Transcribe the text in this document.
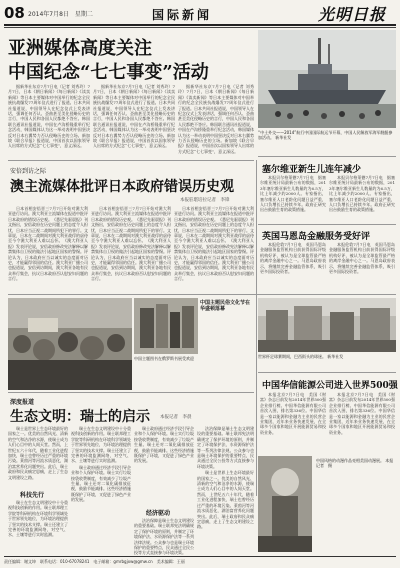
08 2014年7月8日　星期二	国际新闻	光明日报
亚洲媒体高度关注
中国纪念“七七事变”活动

据新华社东京7月7日电（记者 刘秀玲）7月7日，日本《朝日新闻》《每日新闻》《读卖新闻》等日本主要媒体对中国举行的纪念全民族抗战爆发77周年仪式进行了报道。日本共同社报道说，中国领导人在纪念仪式上发表讲话，强调任何否认、歪曲甚至美化侵略历史的言行，中国人民和各国人民都绝不答应。韩国联合通讯社报道说，中国在卢沟桥隆重举行纪念活动，韩国媒体认为这一举动表明中国坚决反对日本右翼势力否认侵略历史的立场。新加坡《联合早报》报道说，中国首次以国家领导人出席的方式纪念“七七事变”，意义深远。

据新华社东京7月7日电（记者 刘秀玲）7月7日，日本《朝日新闻》《每日新闻》《读卖新闻》等日本主要媒体对中国举行的纪念全民族抗战爆发77周年仪式进行了报道。日本共同社报道说，中国领导人在纪念仪式上发表讲话，强调任何否认、歪曲甚至美化侵略历史的言行，中国人民和各国人民都绝不答应。韩国联合通讯社报道说，中国在卢沟桥隆重举行纪念活动，韩国媒体认为这一举动表明中国坚决反对日本右翼势力否认侵略历史的立场。新加坡《联合早报》报道说，中国首次以国家领导人出席的方式纪念“七七事变”，意义深远。

据新华社东京7月7日电（记者 刘秀玲）7月7日，日本《朝日新闻》《每日新闻》《读卖新闻》等日本主要媒体对中国举行的纪念全民族抗战爆发77周年仪式进行了报道。日本共同社报道说，中国领导人在纪念仪式上发表讲话，强调任何否认、歪曲甚至美化侵略历史的言行，中国人民和各国人民都绝不答应。韩国联合通讯社报道说，中国在卢沟桥隆重举行纪念活动，韩国媒体认为这一举动表明中国坚决反对日本右翼势力否认侵略历史的立场。新加坡《联合早报》报道说，中国首次以国家领导人出席的方式纪念“七七事变”，意义深远。

“中土外交——2014”航行中国国际航运节开幕，中国人民解放军海军舰艇参加活动。 新华社发
安倍到访之际
澳主流媒体批评日本政府错误历史观
本报驻堪培拉记者　李锋

日本首相安倍晋三7月7日开始对澳大利亚进行访问。澳大利亚主流媒体在报道中批评日本政府的错误历史观。《悉尼先驱晨报》刊文指出，安倍政府在历史问题上的态度令人担忧，日本应当正视二战期间所犯下的罪行。文章说，日本在二战期间对澳大利亚战俘的虐待至今令澳大利亚人难以忘怀。《澳大利亚人报》发表评论说，安倍政府修改宪法解释以解禁集体自卫权的做法引起地区国家的警惕。评论认为，日本政府应当以诚实的态度面对历史，才能赢得邻国的信任。澳大利亚广播公司也报道说，安倍到访期间，澳大利亚各地有民众举行集会，抗议日本政府否认慰安妇问题的言行。

日本首相安倍晋三7月7日开始对澳大利亚进行访问。澳大利亚主流媒体在报道中批评日本政府的错误历史观。《悉尼先驱晨报》刊文指出，安倍政府在历史问题上的态度令人担忧，日本应当正视二战期间所犯下的罪行。文章说，日本在二战期间对澳大利亚战俘的虐待至今令澳大利亚人难以忘怀。《澳大利亚人报》发表评论说，安倍政府修改宪法解释以解禁集体自卫权的做法引起地区国家的警惕。评论认为，日本政府应当以诚实的态度面对历史，才能赢得邻国的信任。澳大利亚广播公司也报道说，安倍到访期间，澳大利亚各地有民众举行集会，抗议日本政府否认慰安妇问题的言行。

日本首相安倍晋三7月7日开始对澳大利亚进行访问。澳大利亚主流媒体在报道中批评日本政府的错误历史观。《悉尼先驱晨报》刊文指出，安倍政府在历史问题上的态度令人担忧，日本应当正视二战期间所犯下的罪行。文章说，日本在二战期间对澳大利亚战俘的虐待至今令澳大利亚人难以忘怀。《澳大利亚人报》发表评论说，安倍政府修改宪法解释以解禁集体自卫权的做法引起地区国家的警惕。评论认为，日本政府应当以诚实的态度面对历史，才能赢得邻国的信任。澳大利亚广播公司也报道说，安倍到访期间，澳大利亚各地有民众举行集会，抗议日本政府否认慰安妇问题的言行。

塞尔维亚新生儿连年减少

本报贝尔格莱德7月7日电　据塞尔维亚统计局最新公布的数据，2013年塞尔维亚新生儿数量约为6.5万，比上年减少约2000人。专家指出，塞尔维亚人口老龄化问题日益严重，人口负增长已持续多年。政府正研究出台鼓励生育的政策措施。

本报贝尔格莱德7月7日电　据塞尔维亚统计局最新公布的数据，2013年塞尔维亚新生儿数量约为6.5万，比上年减少约2000人。专家指出，塞尔维亚人口老龄化问题日益严重，人口负增长已持续多年。政府正研究出台鼓励生育的政策措施。

英国马恩岛金融服务受好评

本报伦敦7月7日电　英国马恩岛金融服务监管机构日前获得国际评级机构好评，被认为是全球监管最严格的离岸金融中心之一。马恩岛政府表示，将继续完善金融监管体系，吸引更多国际投资者。

本报伦敦7月7日电　英国马恩岛金融服务监管机构日前获得国际评级机构好评，被认为是全球监管最严格的离岸金融中心之一。马恩岛政府表示，将继续完善金融监管体系，吸引更多国际投资者。

中国主题民俗文化节在华盛顿落幕
中国主题图书在俄罗斯书展受欢迎	世界杯足球赛期间，巴西街头的球迷。 新华社发
中国华信能源公司进入世界500强

本报北京7月7日电　美国《财富》杂志日前发布2014年世界500强企业排行榜。中国华信能源有限公司首次入围，排名第336位。中国华信是一家以能源和金融为主业的民营企业集团，近年来业务快速发展，在全球多个国家和地区开展能源贸易和投资业务。

本报北京7月7日电　美国《财富》杂志日前发布2014年世界500强企业排行榜。中国华信能源有限公司首次入围，排名第336位。中国华信是一家以能源和金融为主业的民营企业集团，近年来业务快速发展，在全球多个国家和地区开展能源贸易和投资业务。

中国风格的动漫作品亮相美国动漫展。 本报记者　摄
深度报道
生态文明：瑞士的启示 本报记者　李晨

瑞士是世界上生态环境最好的国家之一。优美的自然风光、清新的空气和洁净的水源，使瑞士成为人们心目中的人间天堂。然而，上世纪五六十年代，随着工业化进程加快，瑞士也曾经历过严重的环境污染。莱茵河等河流水质恶化，湖泊富营养化问题突出。此后，瑞士政府和民众痛定思痛，走上了生态文明建设之路。

科技先行

瑞士在生态文明建设中十分重视科技创新的作用。瑞士联邦理工学院等科研机构在环境科学领域处于世界领先地位，为环境治理提供了坚实的技术支撑。瑞士还建立了完善的环境监测网络，对空气、水、土壤等进行实时监测。

瑞士在生态文明建设中十分重视科技创新的作用。瑞士联邦理工学院等科研机构在环境科学领域处于世界领先地位，为环境治理提供了坚实的技术支撑。瑞士还建立了完善的环境监测网络，对空气、水、土壤等进行实时监测。

瑞士政府通过经济手段引导企业和个人保护环境。瑞士实行垃圾按袋收费制度，有效减少了垃圾产生量。瑞士还对二氧化碳排放征税，鼓励节能减排。这些经济措施既保护了环境，又促进了绿色产业的发展。

瑞士政府通过经济手段引导企业和个人保护环境。瑞士实行垃圾按袋收费制度，有效减少了垃圾产生量。瑞士还对二氧化碳排放征税，鼓励节能减排。这些经济措施既保护了环境，又促进了绿色产业的发展。

经济驱动

法治保障是瑞士生态文明建设的重要基础。瑞士联邦宪法明确规定了保护环境的原则，并制定了环境保护法、水资源保护法等一系列法律法规。公众参与也是瑞士环境保护的重要特点，民众通过全民公投等方式直接参与环境决策。

法治保障是瑞士生态文明建设的重要基础。瑞士联邦宪法明确规定了保护环境的原则，并制定了环境保护法、水资源保护法等一系列法律法规。公众参与也是瑞士环境保护的重要特点，民众通过全民公投等方式直接参与环境决策。

瑞士是世界上生态环境最好的国家之一。优美的自然风光、清新的空气和洁净的水源，使瑞士成为人们心目中的人间天堂。然而，上世纪五六十年代，随着工业化进程加快，瑞士也曾经历过严重的环境污染。莱茵河等河流水质恶化，湖泊富营养化问题突出。此后，瑞士政府和民众痛定思痛，走上了生态文明建设之路。

责任编辑：谢文坤　联系电话：010-67078241　电子邮箱：gmrbgjxw@gmw.cn　美术编辑：王丽
